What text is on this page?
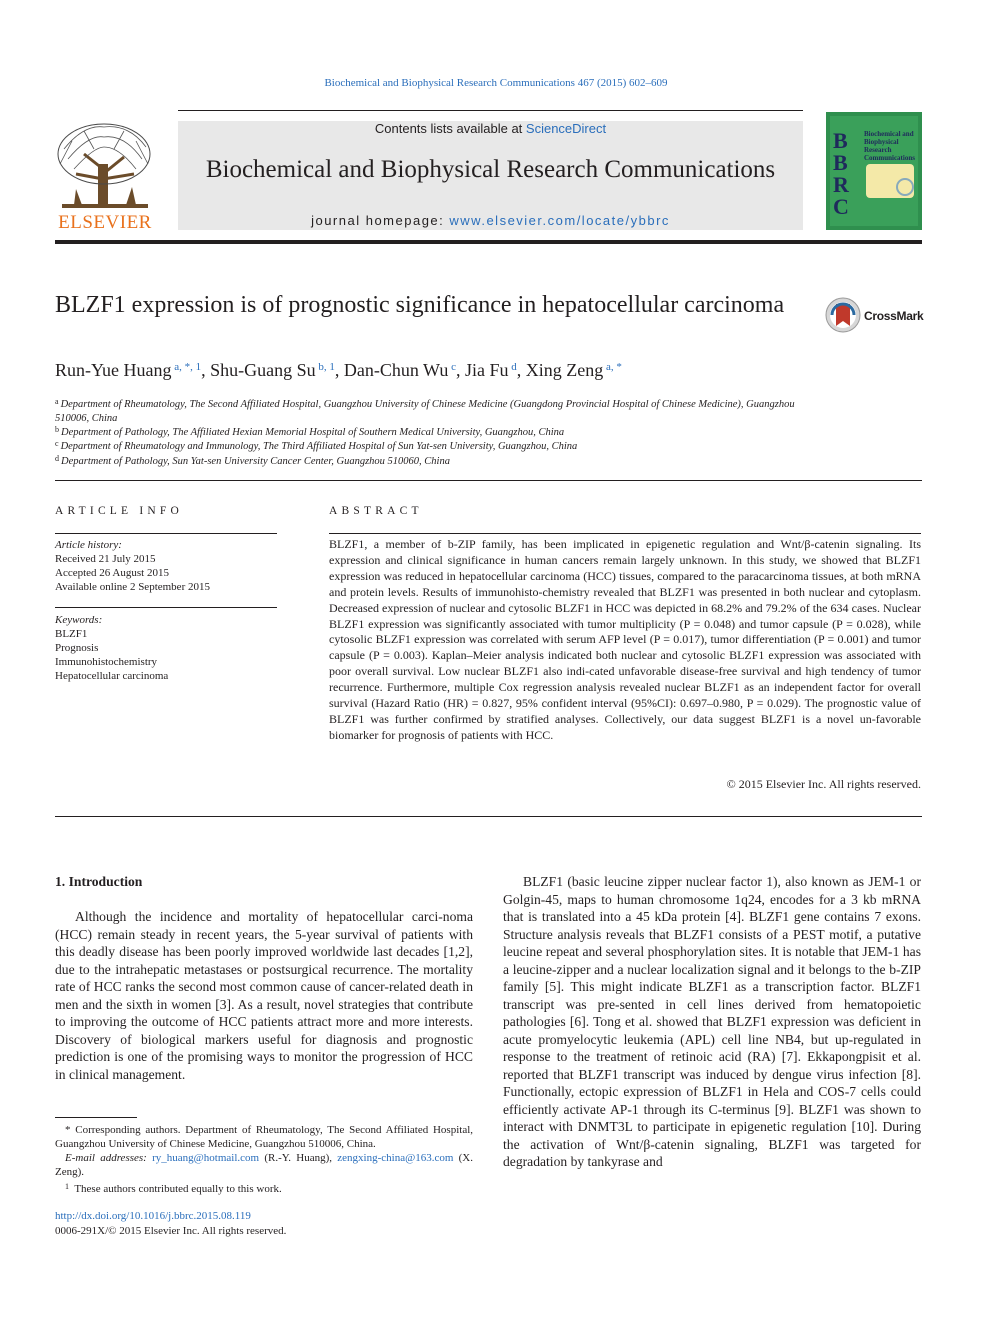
Biochemical and Biophysical Research Communications 467 (2015) 602–609
ELSEVIER
Contents lists available at ScienceDirect
Biochemical and Biophysical Research Communications
journal homepage: www.elsevier.com/locate/ybbrc
B
B
R
C
Biochemical and Biophysical Research Communications
BLZF1 expression is of prognostic significance in hepatocellular carcinoma	CrossMark
Run-Yue Huang $^{a, *, 1}$, Shu-Guang Su $^{b, 1}$, Dan-Chun Wu $^c$, Jia Fu $^d$, Xing Zeng $^{a, *}$
$^a$ Department of Rheumatology, The Second Affiliated Hospital, Guangzhou University of Chinese Medicine (Guangdong Provincial Hospital of Chinese Medicine), Guangzhou 510006, China
$^b$ Department of Pathology, The Affiliated Hexian Memorial Hospital of Southern Medical University, Guangzhou, China
$^c$ Department of Rheumatology and Immunology, The Third Affiliated Hospital of Sun Yat-sen University, Guangzhou, China
$^d$ Department of Pathology, Sun Yat-sen University Cancer Center, Guangzhou 510060, China
ARTICLE INFO
Article history:
Received 21 July 2015
Accepted 26 August 2015
Available online 2 September 2015
Keywords:
BLZF1
Prognosis
Immunohistochemistry
Hepatocellular carcinoma
ABSTRACT
BLZF1, a member of b-ZIP family, has been implicated in epigenetic regulation and Wnt/β-catenin signaling. Its expression and clinical significance in human cancers remain largely unknown. In this study, we showed that BLZF1 expression was reduced in hepatocellular carcinoma (HCC) tissues, compared to the paracarcinoma tissues, at both mRNA and protein levels. Results of immunohisto-chemistry revealed that BLZF1 was presented in both nuclear and cytoplasm. Decreased expression of nuclear and cytosolic BLZF1 in HCC was depicted in 68.2% and 79.2% of the 634 cases. Nuclear BLZF1 expression was significantly associated with tumor multiplicity (P = 0.048) and tumor capsule (P = 0.028), while cytosolic BLZF1 expression was correlated with serum AFP level (P = 0.017), tumor differentiation (P = 0.001) and tumor capsule (P = 0.003). Kaplan–Meier analysis indicated both nuclear and cytosolic BLZF1 expression was associated with poor overall survival. Low nuclear BLZF1 also indi-cated unfavorable disease-free survival and high tendency of tumor recurrence. Furthermore, multiple Cox regression analysis revealed nuclear BLZF1 as an independent factor for overall survival (Hazard Ratio (HR) = 0.827, 95% confident interval (95%CI): 0.697–0.980, P = 0.029). The prognostic value of BLZF1 was further confirmed by stratified analyses. Collectively, our data suggest BLZF1 is a novel un-favorable biomarker for prognosis of patients with HCC.
© 2015 Elsevier Inc. All rights reserved.
1. Introduction
Although the incidence and mortality of hepatocellular carci-noma (HCC) remain steady in recent years, the 5-year survival of patients with this deadly disease has been poorly improved worldwide last decades [1,2], due to the intrahepatic metastases or postsurgical recurrence. The mortality rate of HCC ranks the second most common cause of cancer-related death in men and the sixth in women [3]. As a result, novel strategies that contribute to improving the outcome of HCC patients attract more and more interests. Discovery of biological markers useful for diagnosis and prognostic prediction is one of the promising ways to monitor the progression of HCC in clinical management.
BLZF1 (basic leucine zipper nuclear factor 1), also known as JEM-1 or Golgin-45, maps to human chromosome 1q24, encodes for a 3 kb mRNA that is translated into a 45 kDa protein [4]. BLZF1 gene contains 7 exons. Structure analysis reveals that BLZF1 consists of a PEST motif, a putative leucine repeat and several phosphorylation sites. It is notable that JEM-1 has a leucine-zipper and a nuclear localization signal and it belongs to the b-ZIP family [5]. This might indicate BLZF1 as a transcription factor. BLZF1 transcript was pre-sented in cell lines derived from hematopoietic pathologies [6]. Tong et al. showed that BLZF1 expression was deficient in acute promyelocytic leukemia (APL) cell line NB4, but up-regulated in response to the treatment of retinoic acid (RA) [7]. Ekkapongpisit et al. reported that BLZF1 transcript was induced by dengue virus infection [8]. Functionally, ectopic expression of BLZF1 in Hela and COS-7 cells could efficiently activate AP-1 through its C-terminus [9]. BLZF1 was shown to interact with DNMT3L to participate in epigenetic regulation [10]. During the activation of Wnt/β-catenin signaling, BLZF1 was targeted for degradation by tankyrase and
* Corresponding authors. Department of Rheumatology, The Second Affiliated Hospital, Guangzhou University of Chinese Medicine, Guangzhou 510006, China.
E-mail addresses: ry_huang@hotmail.com (R.-Y. Huang), zengxing-china@163.com (X. Zeng).
$^1$ These authors contributed equally to this work.
http://dx.doi.org/10.1016/j.bbrc.2015.08.119
0006-291X/© 2015 Elsevier Inc. All rights reserved.
